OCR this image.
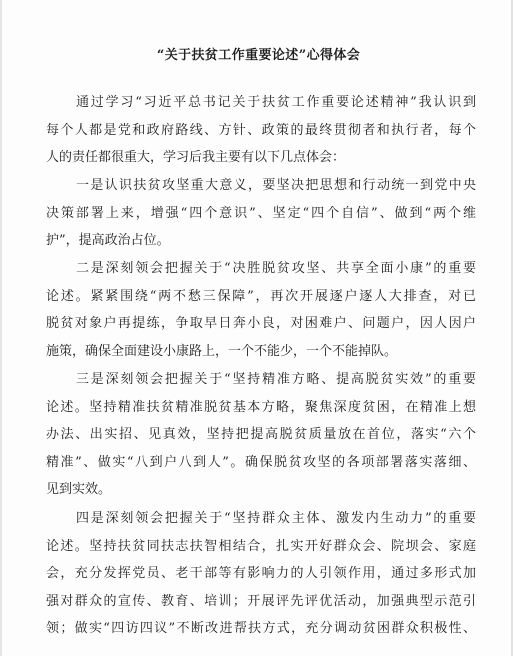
“关于扶贫工作重要论述”心得体会
通过学习“习近平总书记关于扶贫工作重要论述精神”我认识到
每个人都是党和政府路线、方针、政策的最终贯彻者和执行者，每个
人的责任都很重大，学习后我主要有以下几点体会：
一是认识扶贫攻坚重大意义，要坚决把思想和行动统一到党中央
决策部署上来，增强“四个意识”、坚定“四个自信”、做到“两个维
护”，提高政治占位。
二是深刻领会把握关于“决胜脱贫攻坚、共享全面小康”的重要
论述。紧紧围绕“两不愁三保障”，再次开展逐户逐人大排查，对已
脱贫对象户再提练，争取早日奔小良，对困难户、问题户，因人因户
施策，确保全面建设小康路上，一个不能少，一个不能掉队。
三是深刻领会把握关于“坚持精准方略、提高脱贫实效”的重要
论述。坚持精准扶贫精准脱贫基本方略，聚焦深度贫困，在精准上想
办法、出实招、见真效，坚持把提高脱贫质量放在首位，落实“六个
精准”、做实“八到户八到人”。确保脱贫攻坚的各项部署落实落细、
见到实效。
四是深刻领会把握关于“坚持群众主体、激发内生动力”的重要
论述。坚持扶贫同扶志扶智相结合，扎实开好群众会、院坝会、家庭
会，充分发挥党员、老干部等有影响力的人引领作用，通过多形式加
强对群众的宣传、教育、培训；开展评先评优活动，加强典型示范引
领；做实“四访四议”不断改进帮扶方式，充分调动贫困群众积极性、
